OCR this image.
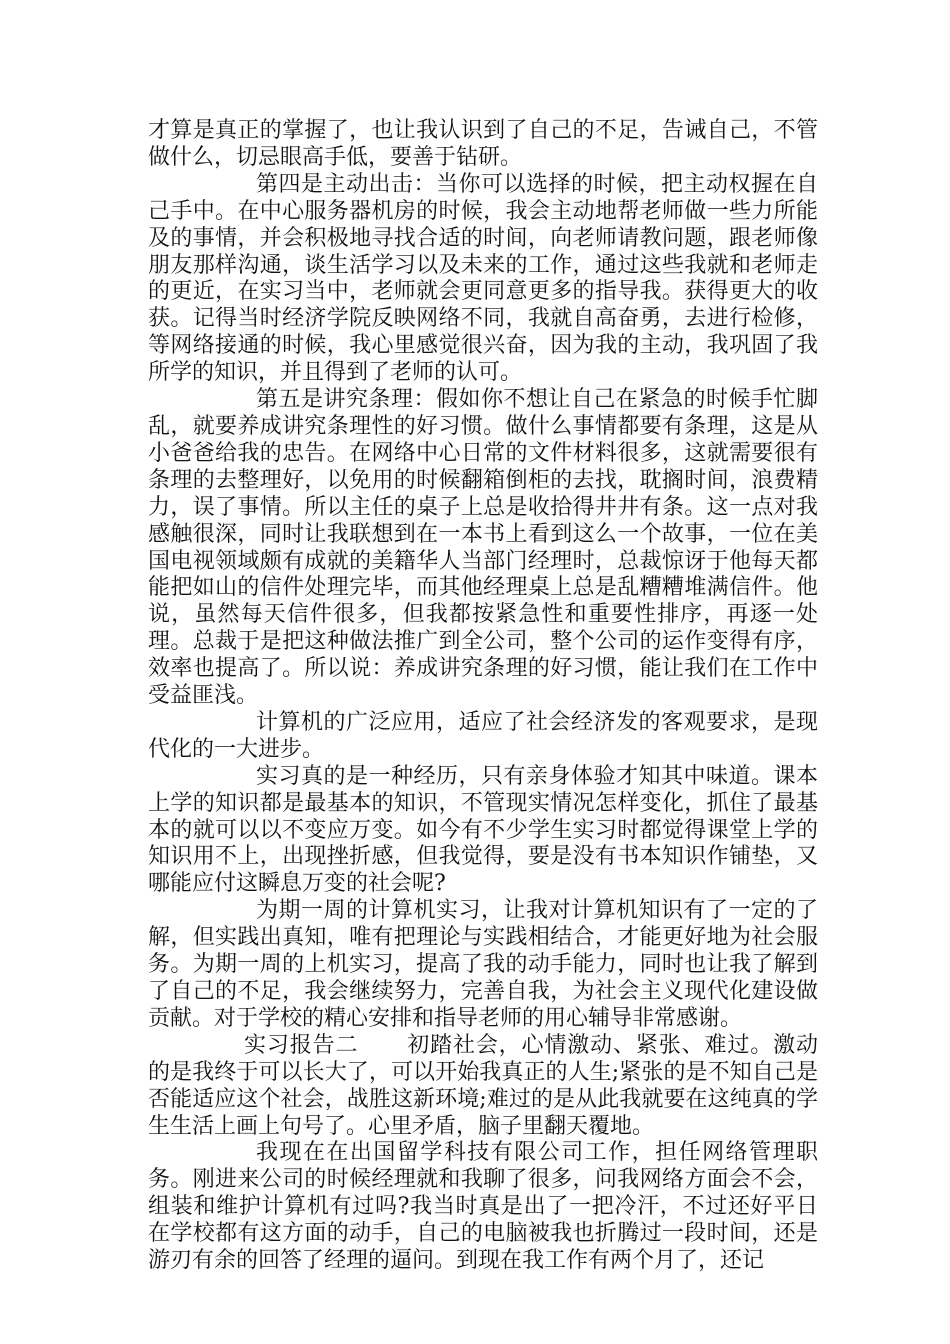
才算是真正的掌握了，也让我认识到了自己的不足，告诫自己，不管做什么，切忌眼高手低，要善于钻研。

第四是主动出击：当你可以选择的时候，把主动权握在自己手中。在中心服务器机房的时候，我会主动地帮老师做一些力所能及的事情，并会积极地寻找合适的时间，向老师请教问题，跟老师像朋友那样沟通，谈生活学习以及未来的工作，通过这些我就和老师走的更近，在实习当中，老师就会更同意更多的指导我。获得更大的收获。记得当时经济学院反映网络不同，我就自高奋勇，去进行检修，等网络接通的时候，我心里感觉很兴奋，因为我的主动，我巩固了我所学的知识，并且得到了老师的认可。

第五是讲究条理：假如你不想让自己在紧急的时候手忙脚乱，就要养成讲究条理性的好习惯。做什么事情都要有条理，这是从小爸爸给我的忠告。在网络中心日常的文件材料很多，这就需要很有条理的去整理好，以免用的时候翻箱倒柜的去找，耽搁时间，浪费精力，误了事情。所以主任的桌子上总是收拾得井井有条。这一点对我感触很深，同时让我联想到在一本书上看到这么一个故事，一位在美国电视领域颇有成就的美籍华人当部门经理时，总裁惊讶于他每天都能把如山的信件处理完毕，而其他经理桌上总是乱糟糟堆满信件。他说，虽然每天信件很多，但我都按紧急性和重要性排序，再逐一处理。总裁于是把这种做法推广到全公司，整个公司的运作变得有序，效率也提高了。所以说：养成讲究条理的好习惯，能让我们在工作中受益匪浅。

计算机的广泛应用，适应了社会经济发的客观要求，是现代化的一大进步。

实习真的是一种经历，只有亲身体验才知其中味道。课本上学的知识都是最基本的知识，不管现实情况怎样变化，抓住了最基本的就可以以不变应万变。如今有不少学生实习时都觉得课堂上学的知识用不上，出现挫折感，但我觉得，要是没有书本知识作铺垫，又哪能应付这瞬息万变的社会呢?

为期一周的计算机实习，让我对计算机知识有了一定的了解，但实践出真知，唯有把理论与实践相结合，才能更好地为社会服务。为期一周的上机实习，提高了我的动手能力，同时也让我了解到了自己的不足，我会继续努力，完善自我，为社会主义现代化建设做贡献。对于学校的精心安排和指导老师的用心辅导非常感谢。

实习报告二 初踏社会，心情激动、紧张、难过。激动的是我终于可以长大了，可以开始我真正的人生;紧张的是不知自己是否能适应这个社会，战胜这新环境;难过的是从此我就要在这纯真的学生生活上画上句号了。心里矛盾，脑子里翻天覆地。

我现在在出国留学科技有限公司工作，担任网络管理职务。刚进来公司的时候经理就和我聊了很多，问我网络方面会不会，组装和维护计算机有过吗?我当时真是出了一把冷汗，不过还好平日在学校都有这方面的动手，自己的电脑被我也折腾过一段时间，还是游刃有余的回答了经理的逼问。到现在我工作有两个月了，还记
